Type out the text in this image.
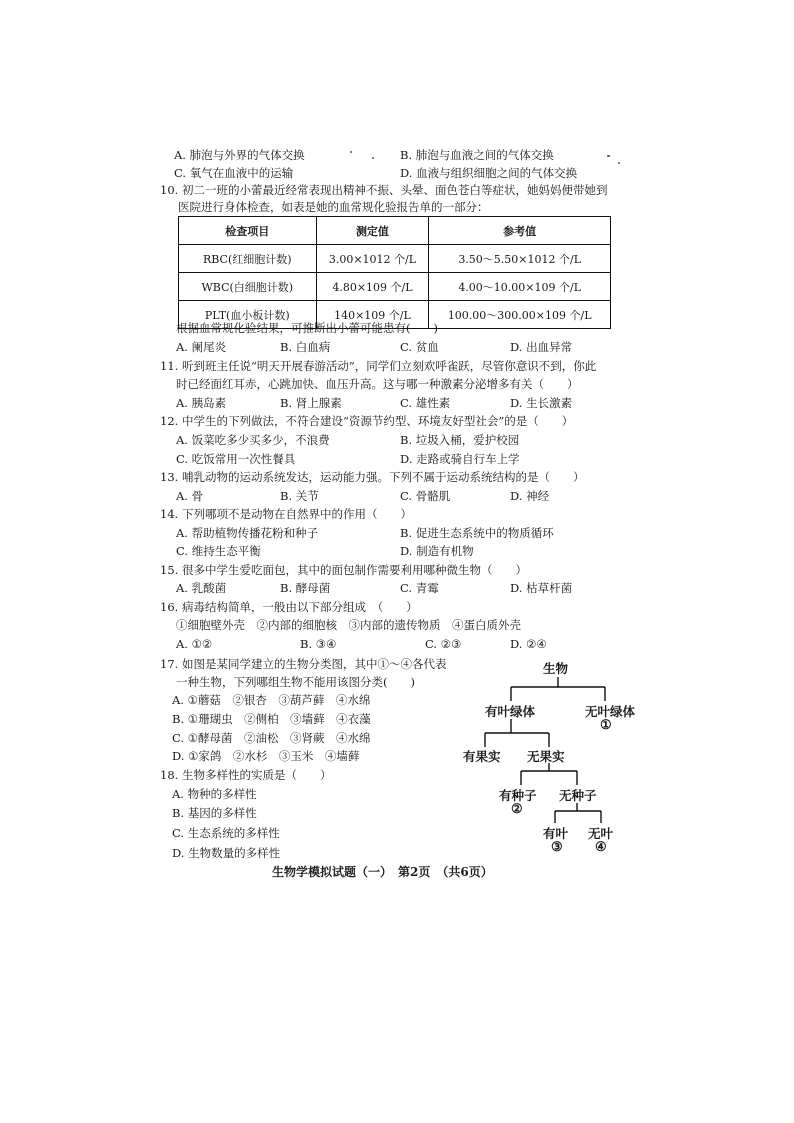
A. 肺泡与外界的气体交换	B. 肺泡与血液之间的气体交换
C. 氧气在血液中的运输	D. 血液与组织细胞之间的气体交换
10. 初二一班的小蕾最近经常表现出精神不振、头晕、面色苍白等症状，她妈妈便带她到
医院进行身体检查，如表是她的血常规化验报告单的一部分：
检查项目	测定值	参考值
RBC(红细胞计数)	3.00×1012 个/L	3.50～5.50×1012 个/L
WBC(白细胞计数)	4.80×109 个/L	4.00～10.00×109 个/L
PLT(血小板计数)	140×109 个/L	100.00～300.00×109 个/L
根据血常规化验结果，可推断出小蕾可能患有(　　)
A. 阑尾炎	B. 白血病	C. 贫血	D. 出血异常
11. 听到班主任说“明天开展春游活动”，同学们立刻欢呼雀跃，尽管你意识不到，你此
时已经面红耳赤，心跳加快、血压升高。这与哪一种激素分泌增多有关（　　）
A. 胰岛素	B. 肾上腺素	C. 雄性素	D. 生长激素
12. 中学生的下列做法，不符合建设“资源节约型、环境友好型社会”的是（　　）
A. 饭菜吃多少买多少，不浪费	B. 垃圾入桶，爱护校园
C. 吃饭常用一次性餐具	D. 走路或骑自行车上学
13. 哺乳动物的运动系统发达，运动能力强。下列不属于运动系统结构的是（　　）
A. 骨	B. 关节	C. 骨骼肌	D. 神经
14. 下列哪项不是动物在自然界中的作用（　　）
A. 帮助植物传播花粉和种子	B. 促进生态系统中的物质循环
C. 维持生态平衡	D. 制造有机物
15. 很多中学生爱吃面包，其中的面包制作需要利用哪种微生物（　　）
A. 乳酸菌	B. 酵母菌	C. 青霉	D. 枯草杆菌
16. 病毒结构简单，一般由以下部分组成　（　　）
①细胞壁外壳　②内部的细胞核　③内部的遗传物质　④蛋白质外壳
A. ①②	B. ③④	C. ②③	D. ②④
17. 如图是某同学建立的生物分类图，其中①～④各代表
一种生物，下列哪组生物不能用该图分类(　　)
A. ①蘑菇　②银杏　③葫芦藓　④水绵
B. ①珊瑚虫　②侧柏　③墙藓　④衣藻
C. ①酵母菌　②油松　③肾蕨　④水绵
D. ①家鸽　②水杉　③玉米　④墙藓
生物
有叶绿体	无叶绿体
①
有果实 无果实
有种子 无种子
②
有叶 无叶
③ ④
18. 生物多样性的实质是（　　）
A. 物种的多样性
B. 基因的多样性
C. 生态系统的多样性
D. 生物数量的多样性
生物学模拟试题（一）　第2页　（共6页）
